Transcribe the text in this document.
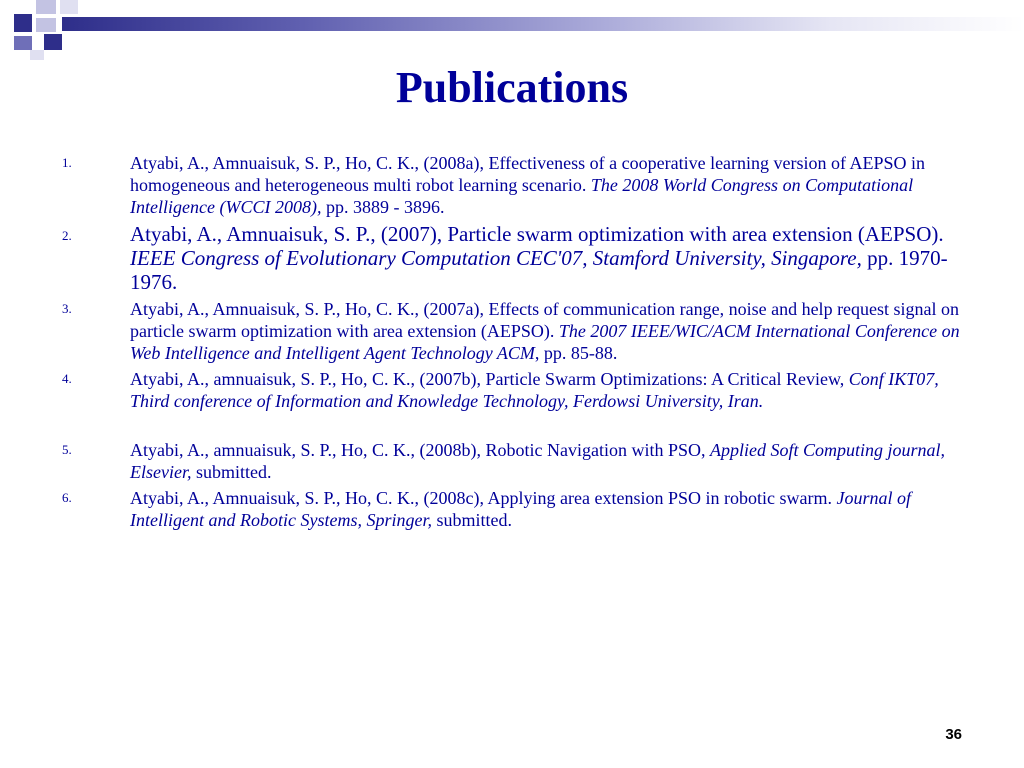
Publications
1.	Atyabi, A., Amnuaisuk, S. P., Ho, C. K., (2008a), Effectiveness of a cooperative learning version of AEPSO in homogeneous and heterogeneous multi robot learning scenario. The 2008 World Congress on Computational Intelligence (WCCI 2008), pp. 3889 - 3896.
2.	Atyabi, A., Amnuaisuk, S. P., (2007), Particle swarm optimization with area extension (AEPSO). IEEE Congress of Evolutionary Computation CEC'07, Stamford University, Singapore, pp. 1970-1976.
3.	Atyabi, A., Amnuaisuk, S. P., Ho, C. K., (2007a), Effects of communication range, noise and help request signal on particle swarm optimization with area extension (AEPSO). The 2007 IEEE/WIC/ACM International Conference on Web Intelligence and Intelligent Agent Technology ACM, pp. 85-88.
4.	Atyabi, A., amnuaisuk, S. P., Ho, C. K., (2007b), Particle Swarm Optimizations: A Critical Review, Conf IKT07, Third conference of Information and Knowledge Technology, Ferdowsi University, Iran.
5.	Atyabi, A., amnuaisuk, S. P., Ho, C. K., (2008b), Robotic Navigation with PSO, Applied Soft Computing journal, Elsevier, submitted.
6.	Atyabi, A., Amnuaisuk, S. P., Ho, C. K., (2008c), Applying area extension PSO in robotic swarm. Journal of Intelligent and Robotic Systems, Springer, submitted.
36
